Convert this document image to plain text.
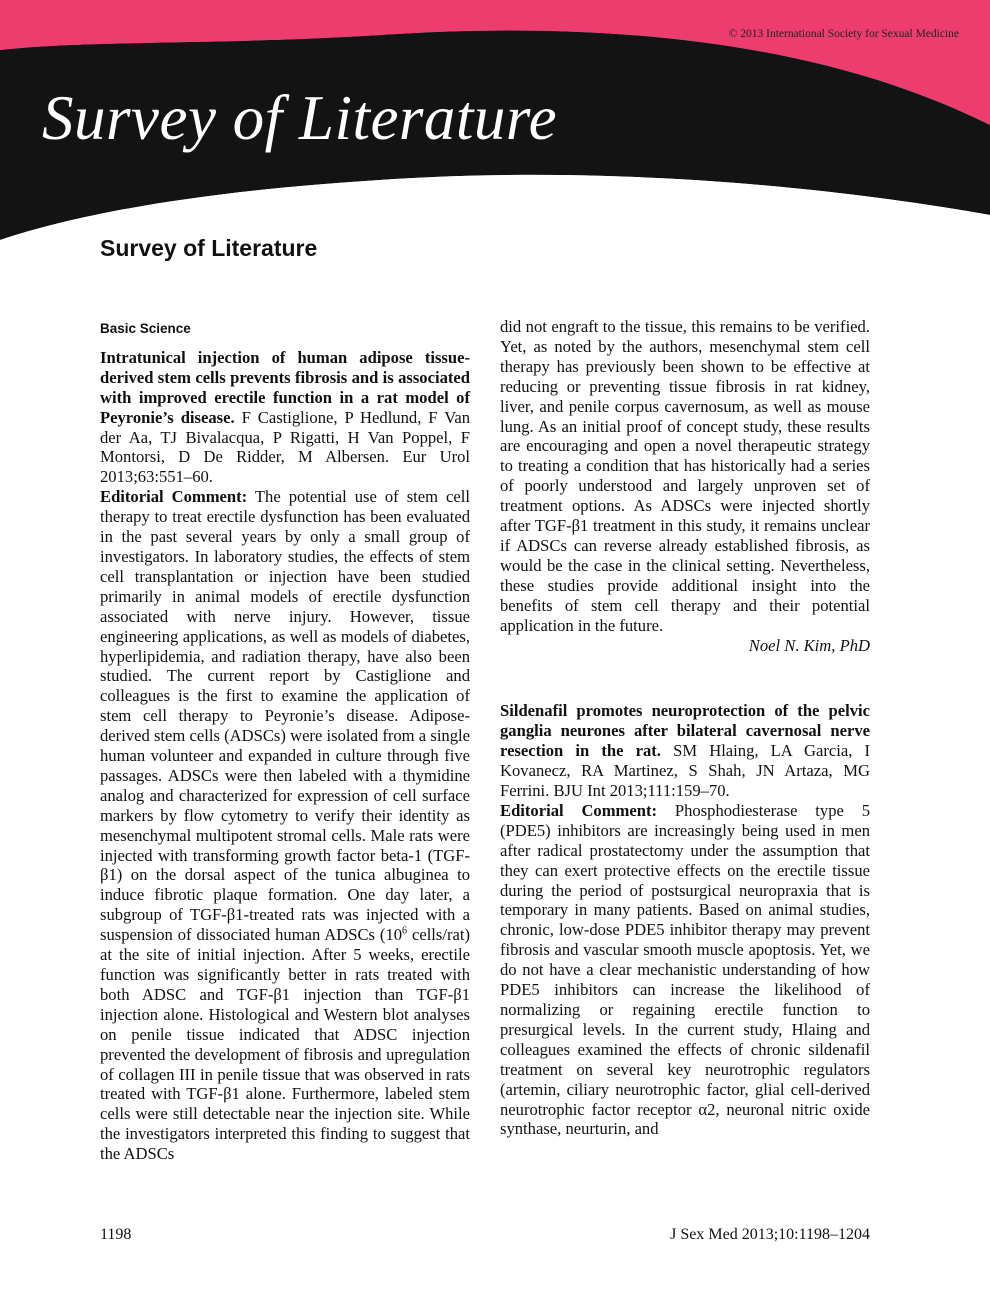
© 2013 International Society for Sexual Medicine
Survey of Literature
Survey of Literature
Basic Science

Intratunical injection of human adipose tissue-derived stem cells prevents fibrosis and is associated with improved erectile function in a rat model of Peyronie’s disease. F Castiglione, P Hedlund, F Van der Aa, TJ Bivalacqua, P Rigatti, H Van Poppel, F Montorsi, D De Ridder, M Albersen. Eur Urol 2013;63:551–60.

Editorial Comment: The potential use of stem cell therapy to treat erectile dysfunction has been evaluated in the past several years by only a small group of investigators. In laboratory studies, the effects of stem cell transplantation or injection have been studied primarily in animal models of erectile dysfunction associated with nerve injury. However, tissue engineering applications, as well as models of diabetes, hyperlipidemia, and radiation therapy, have also been studied. The current report by Castiglione and colleagues is the first to examine the application of stem cell therapy to Peyronie’s disease. Adipose-derived stem cells (ADSCs) were isolated from a single human volunteer and expanded in culture through five passages. ADSCs were then labeled with a thymidine analog and characterized for expression of cell surface markers by flow cytometry to verify their identity as mesenchymal multipotent stromal cells. Male rats were injected with transforming growth factor beta-1 (TGF-β1) on the dorsal aspect of the tunica albuginea to induce fibrotic plaque formation. One day later, a subgroup of TGF-β1-treated rats was injected with a suspension of dissociated human ADSCs ($10^6$ cells/rat) at the site of initial injection. After 5 weeks, erectile function was significantly better in rats treated with both ADSC and TGF-β1 injection than TGF-β1 injection alone. Histological and Western blot analyses on penile tissue indicated that ADSC injection prevented the development of fibrosis and upregulation of collagen III in penile tissue that was observed in rats treated with TGF-β1 alone. Furthermore, labeled stem cells were still detectable near the injection site. While the investigators interpreted this finding to suggest that the ADSCs

did not engraft to the tissue, this remains to be verified. Yet, as noted by the authors, mesenchymal stem cell therapy has previously been shown to be effective at reducing or preventing tissue fibrosis in rat kidney, liver, and penile corpus cavernosum, as well as mouse lung. As an initial proof of concept study, these results are encouraging and open a novel therapeutic strategy to treating a condition that has historically had a series of poorly understood and largely unproven set of treatment options. As ADSCs were injected shortly after TGF-β1 treatment in this study, it remains unclear if ADSCs can reverse already established fibrosis, as would be the case in the clinical setting. Nevertheless, these studies provide additional insight into the benefits of stem cell therapy and their potential application in the future.

Noel N. Kim, PhD

Sildenafil promotes neuroprotection of the pelvic ganglia neurones after bilateral cavernosal nerve resection in the rat. SM Hlaing, LA Garcia, I Kovanecz, RA Martinez, S Shah, JN Artaza, MG Ferrini. BJU Int 2013;111:159–70.

Editorial Comment: Phosphodiesterase type 5 (PDE5) inhibitors are increasingly being used in men after radical prostatectomy under the assumption that they can exert protective effects on the erectile tissue during the period of postsurgical neuropraxia that is temporary in many patients. Based on animal studies, chronic, low-dose PDE5 inhibitor therapy may prevent fibrosis and vascular smooth muscle apoptosis. Yet, we do not have a clear mechanistic understanding of how PDE5 inhibitors can increase the likelihood of normalizing or regaining erectile function to presurgical levels. In the current study, Hlaing and colleagues examined the effects of chronic sildenafil treatment on several key neurotrophic regulators (artemin, ciliary neurotrophic factor, glial cell-derived neurotrophic factor receptor α2, neuronal nitric oxide synthase, neurturin, and

1198	J Sex Med 2013;10:1198–1204
